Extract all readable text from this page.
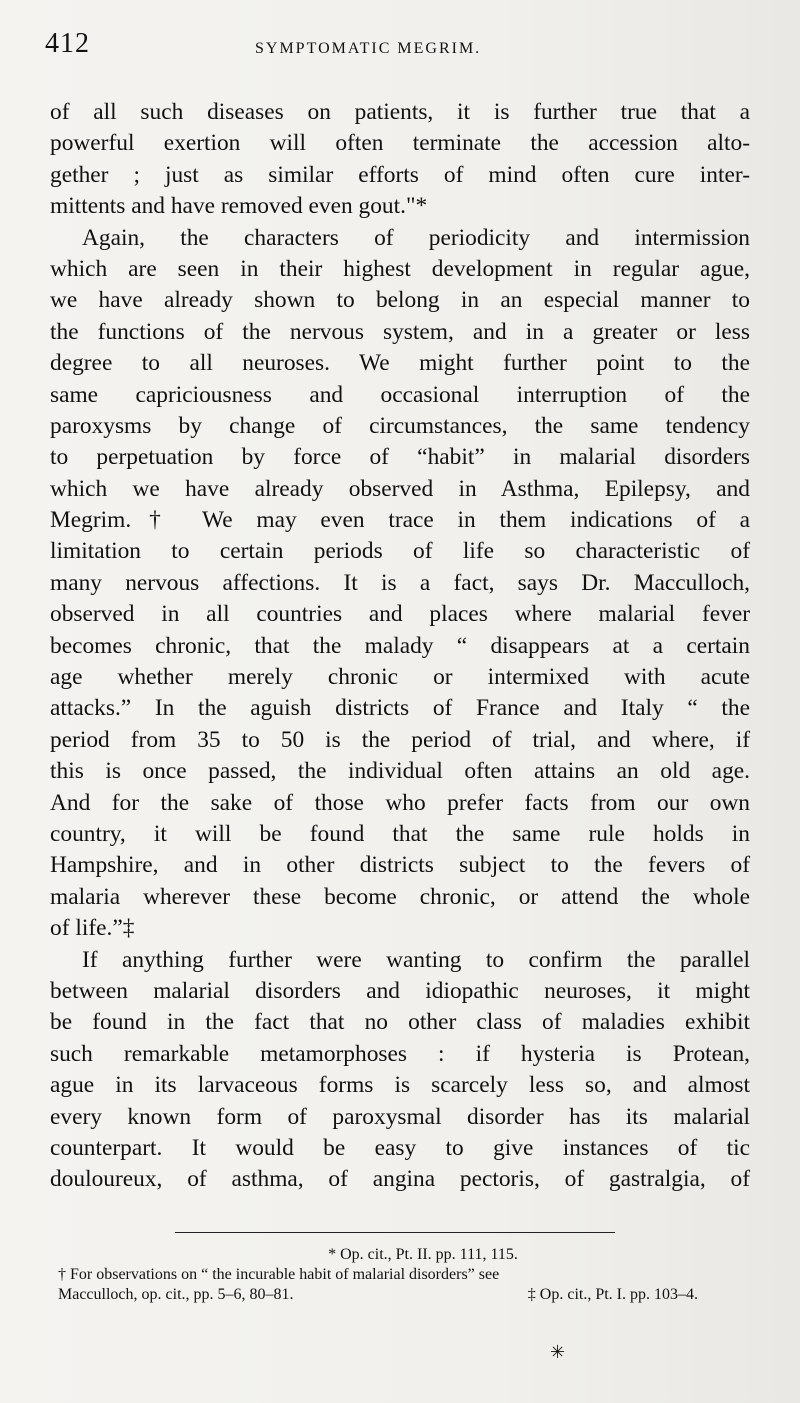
412	SYMPTOMATIC MEGRIM.
of all such diseases on patients, it is further true that a
powerful exertion will often terminate the accession alto-
gether ; just as similar efforts of mind often cure inter-
mittents and have removed even gout."*
Again, the characters of periodicity and intermission
which are seen in their highest development in regular ague,
we have already shown to belong in an especial manner to
the functions of the nervous system, and in a greater or less
degree to all neuroses. We might further point to the
same capriciousness and occasional interruption of the
paroxysms by change of circumstances, the same tendency
to perpetuation by force of “habit” in malarial disorders
which we have already observed in Asthma, Epilepsy, and
Megrim.† We may even trace in them indications of a
limitation to certain periods of life so characteristic of
many nervous affections. It is a fact, says Dr. Macculloch,
observed in all countries and places where malarial fever
becomes chronic, that the malady “ disappears at a certain
age whether merely chronic or intermixed with acute
attacks.” In the aguish districts of France and Italy “ the
period from 35 to 50 is the period of trial, and where, if
this is once passed, the individual often attains an old age.
And for the sake of those who prefer facts from our own
country, it will be found that the same rule holds in
Hampshire, and in other districts subject to the fevers of
malaria wherever these become chronic, or attend the whole
of life.”‡
If anything further were wanting to confirm the parallel
between malarial disorders and idiopathic neuroses, it might
be found in the fact that no other class of maladies exhibit
such remarkable metamorphoses : if hysteria is Protean,
ague in its larvaceous forms is scarcely less so, and almost
every known form of paroxysmal disorder has its malarial
counterpart. It would be easy to give instances of tic
douloureux, of asthma, of angina pectoris, of gastralgia, of
* Op. cit., Pt. II. pp. 111, 115.
† For observations on “ the incurable habit of malarial disorders” see
Macculloch, op. cit., pp. 5–6, 80–81.	‡ Op. cit., Pt. I. pp. 103–4.
✳
